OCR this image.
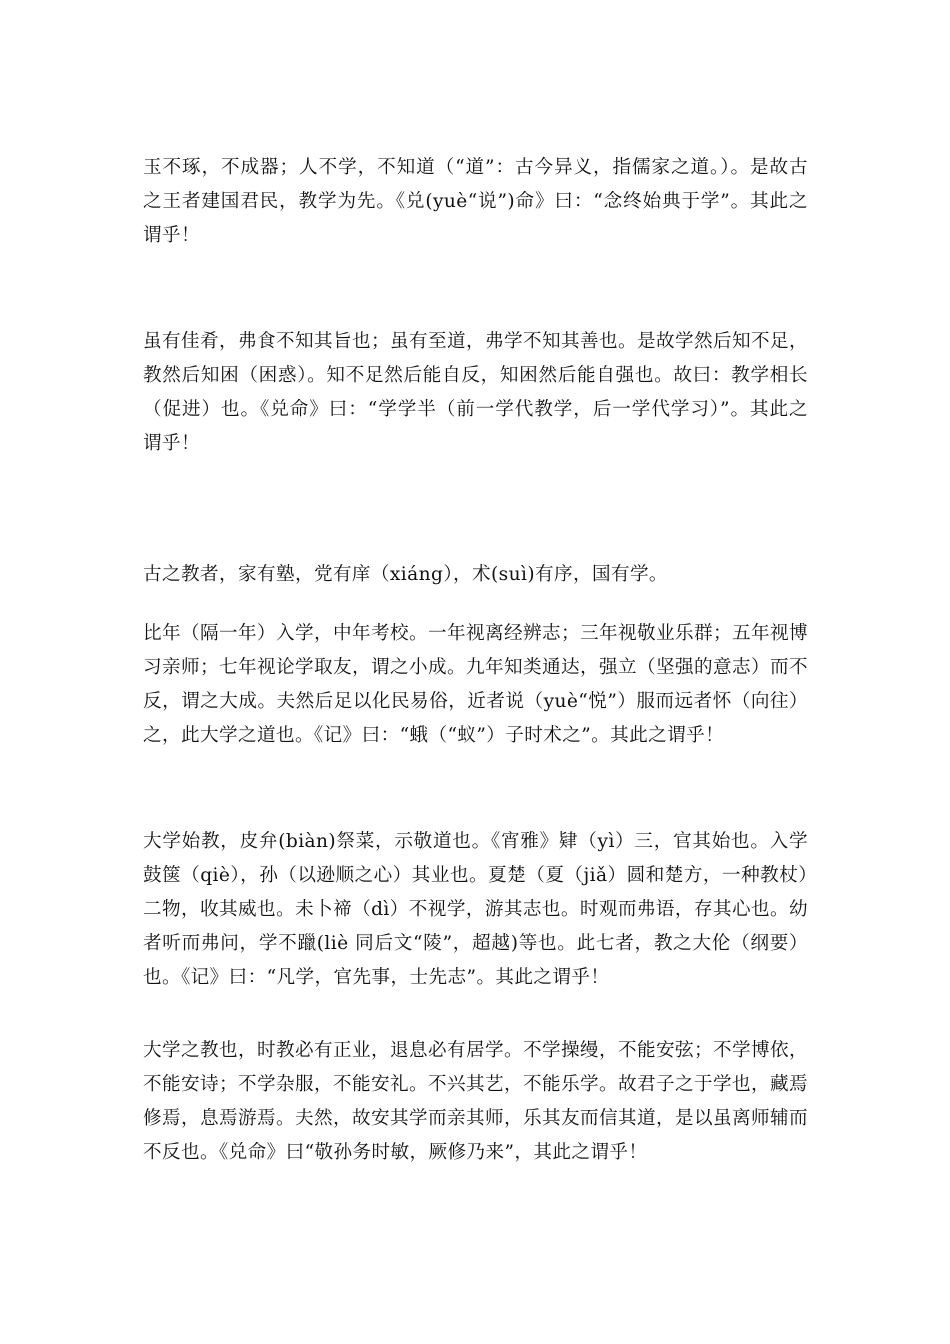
玉不琢，不成器；人不学，不知道（“道”：古今异义，指儒家之道。）。是故古之王者建国君民，教学为先。《兑(yuè“说”)命》曰：“念终始典于学”。其此之谓乎！

虽有佳肴，弗食不知其旨也；虽有至道，弗学不知其善也。是故学然后知不足，教然后知困（困惑）。知不足然后能自反，知困然后能自强也。故曰：教学相长（促进）也。《兑命》曰：“学学半（前一学代教学，后一学代学习）”。其此之谓乎！

古之教者，家有塾，党有庠（xiáng），术(suì)有序，国有学。

比年（隔一年）入学，中年考校。一年视离经辨志；三年视敬业乐群；五年视博习亲师；七年视论学取友，谓之小成。九年知类通达，强立（坚强的意志）而不反，谓之大成。夫然后足以化民易俗，近者说（yuè“悦”）服而远者怀（向往）之，此大学之道也。《记》曰：“蛾（“蚁”）子时术之”。其此之谓乎！

大学始教，皮弁(biàn)祭菜，示敬道也。《宵雅》肄（yì）三，官其始也。入学鼓箧（qiè），孙（以逊顺之心）其业也。夏楚（夏（jiǎ）圆和楚方，一种教杖）二物，收其威也。未卜禘（dì）不视学，游其志也。时观而弗语，存其心也。幼者听而弗问，学不躐(liè 同后文“陵”，超越)等也。此七者，教之大伦（纲要）也。《记》曰：“凡学，官先事，士先志”。其此之谓乎！

大学之教也，时教必有正业，退息必有居学。不学操缦，不能安弦；不学博依，不能安诗；不学杂服，不能安礼。不兴其艺，不能乐学。故君子之于学也，藏焉修焉，息焉游焉。夫然，故安其学而亲其师，乐其友而信其道，是以虽离师辅而不反也。《兑命》曰“敬孙务时敏，厥修乃来”，其此之谓乎！
